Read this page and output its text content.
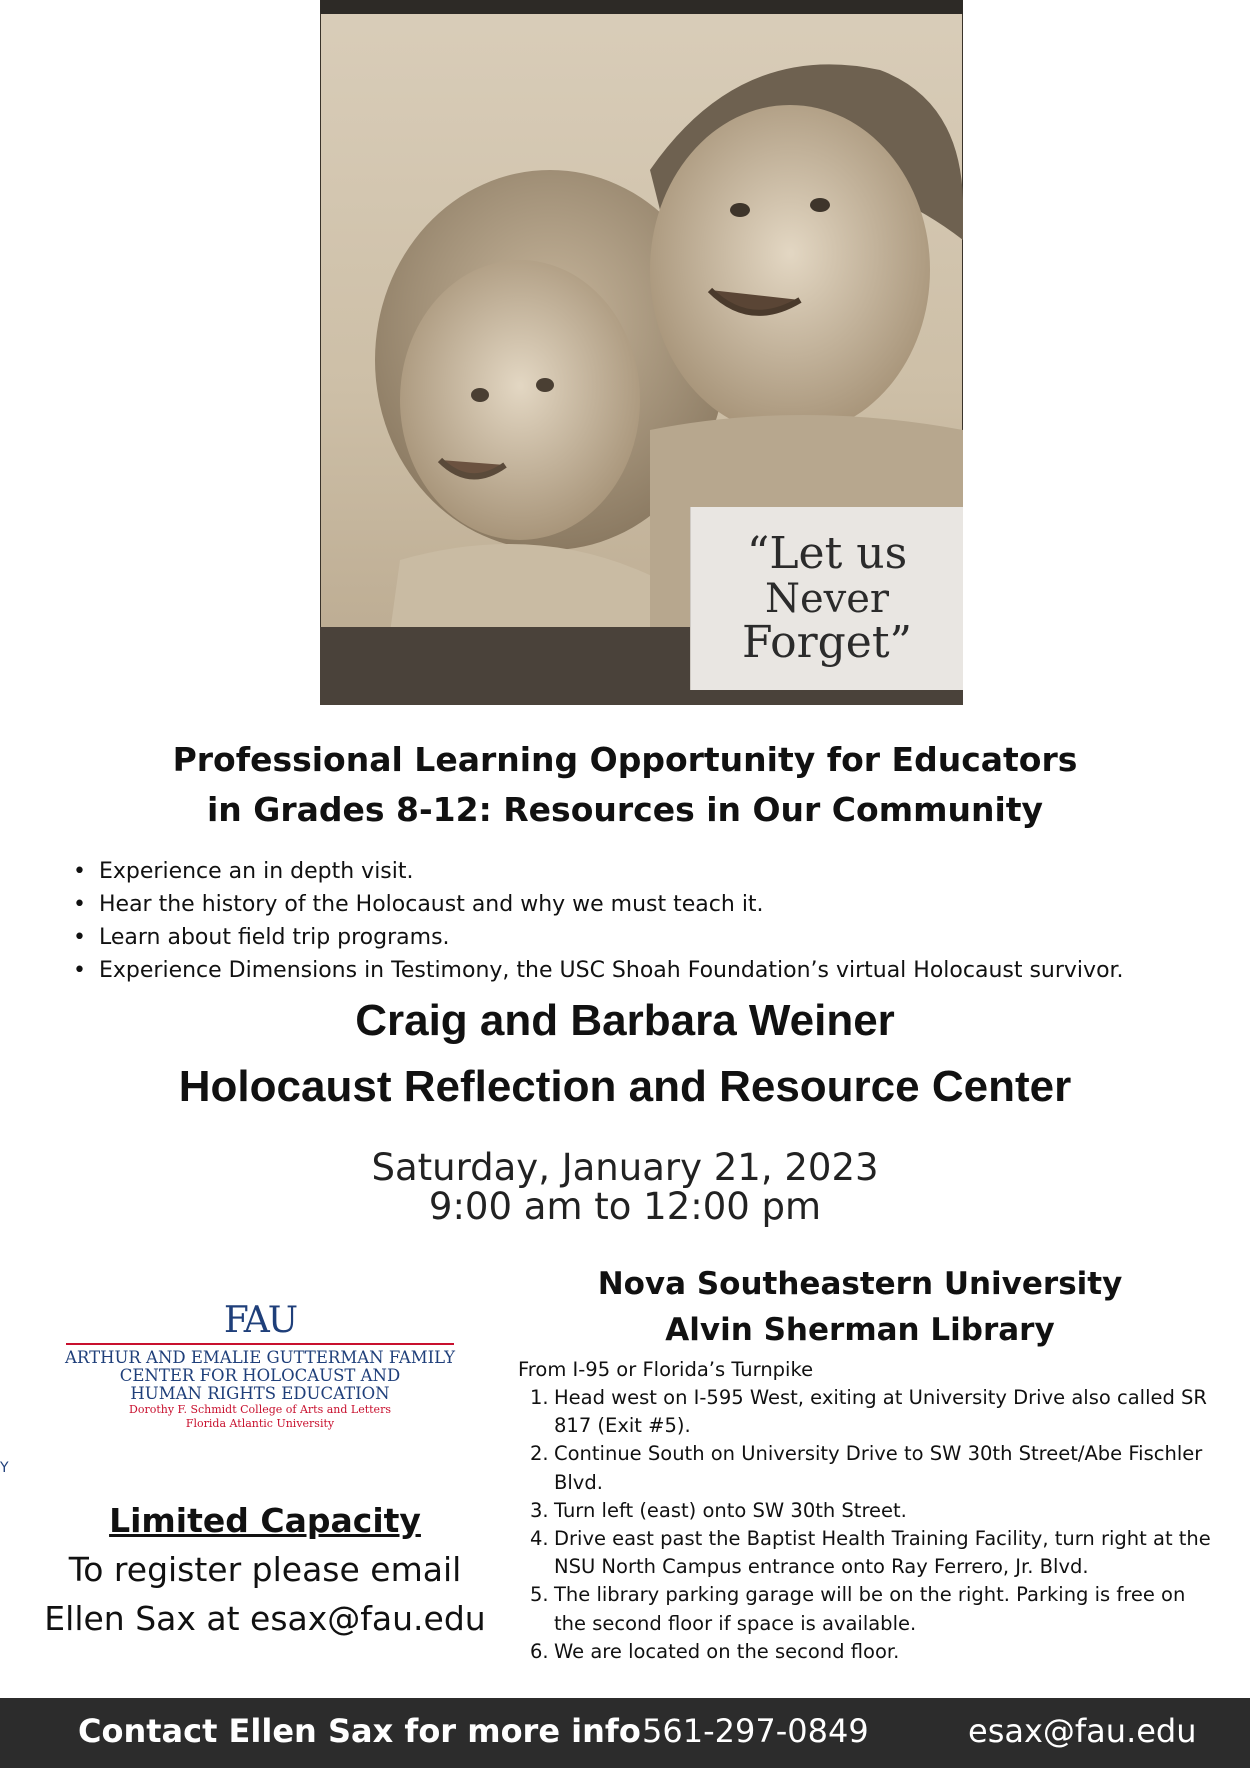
“Let us
Never
Forget”
Professional Learning Opportunity for Educators
in Grades 8-12: Resources in Our Community
• Experience an in depth visit.
• Hear the history of the Holocaust and why we must teach it.
• Learn about field trip programs.
• Experience Dimensions in Testimony, the USC Shoah Foundation’s virtual Holocaust survivor.
Craig and Barbara Weiner
Holocaust Reflection and Resource Center
Saturday, January 21, 2023
9:00 am to 12:00 pm
FAU
ARTHUR AND EMALIE GUTTERMAN FAMILY
CENTER FOR HOLOCAUST AND
HUMAN RIGHTS EDUCATION
Dorothy F. Schmidt College of Arts and Letters
Florida Atlantic University
Y
Limited Capacity
To register please email
Ellen Sax at esax@fau.edu
Nova Southeastern University
Alvin Sherman Library
From I-95 or Florida’s Turnpike
1. Head west on I-595 West, exiting at University Drive also called SR 817 (Exit #5).
2. Continue South on University Drive to SW 30th Street/Abe Fischler Blvd.
3. Turn left (east) onto SW 30th Street.
4. Drive east past the Baptist Health Training Facility, turn right at the NSU North Campus entrance onto Ray Ferrero, Jr. Blvd.
5. The library parking garage will be on the right. Parking is free on the second floor if space is available.
6. We are located on the second floor.
Contact Ellen Sax for more info 561-297-0849	esax@fau.edu
